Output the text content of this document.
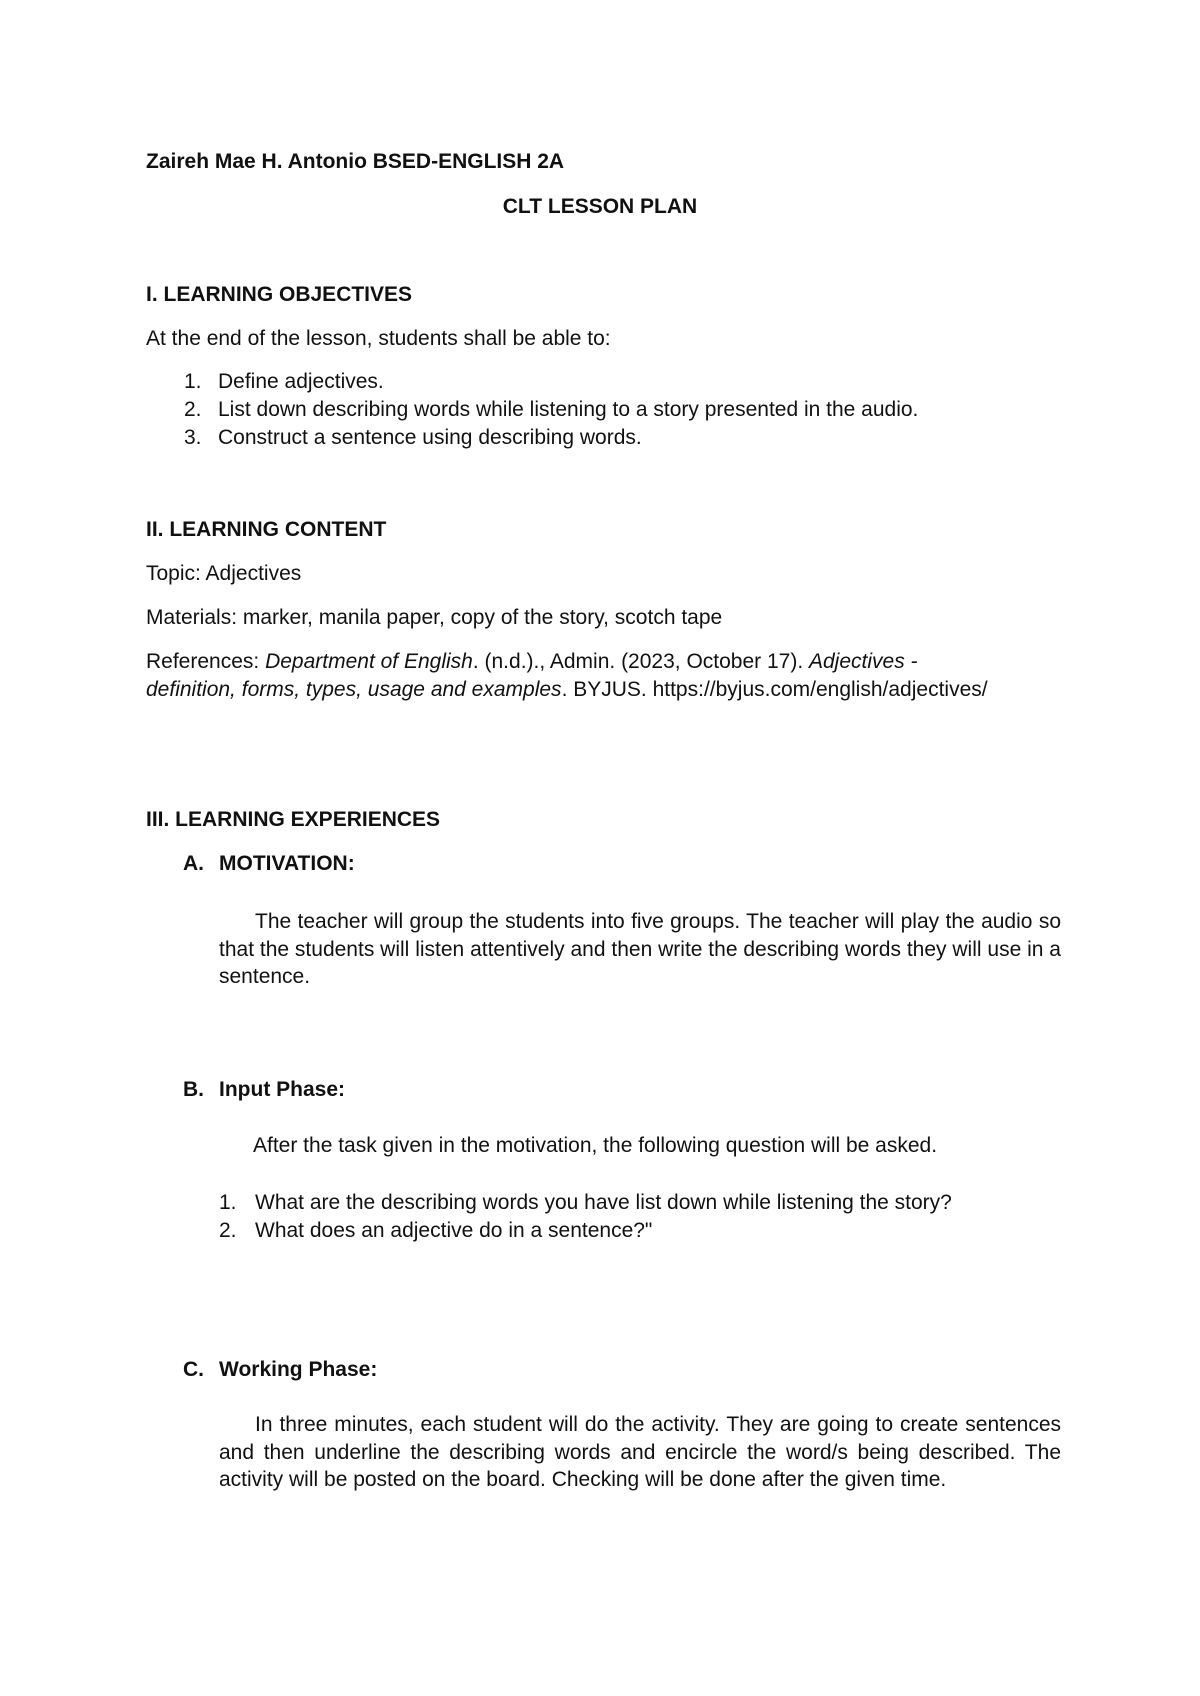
Zaireh Mae H. Antonio BSED-ENGLISH 2A
CLT LESSON PLAN
I. LEARNING OBJECTIVES
At the end of the lesson, students shall be able to:
1. Define adjectives.
2. List down describing words while listening to a story presented in the audio.
3. Construct a sentence using describing words.
II. LEARNING CONTENT
Topic: Adjectives
Materials: marker, manila paper, copy of the story, scotch tape
References: Department of English. (n.d.)., Admin. (2023, October 17). Adjectives -
definition, forms, types, usage and examples. BYJUS. https://byjus.com/english/adjectives/
III. LEARNING EXPERIENCES
A. MOTIVATION:
The teacher will group the students into five groups. The teacher will play the audio so that the students will listen attentively and then write the describing words they will use in a sentence.
B. Input Phase:
After the task given in the motivation, the following question will be asked.
1. What are the describing words you have list down while listening the story?
2. What does an adjective do in a sentence?"
C. Working Phase:
In three minutes, each student will do the activity. They are going to create sentences and then underline the describing words and encircle the word/s being described. The activity will be posted on the board. Checking will be done after the given time.
